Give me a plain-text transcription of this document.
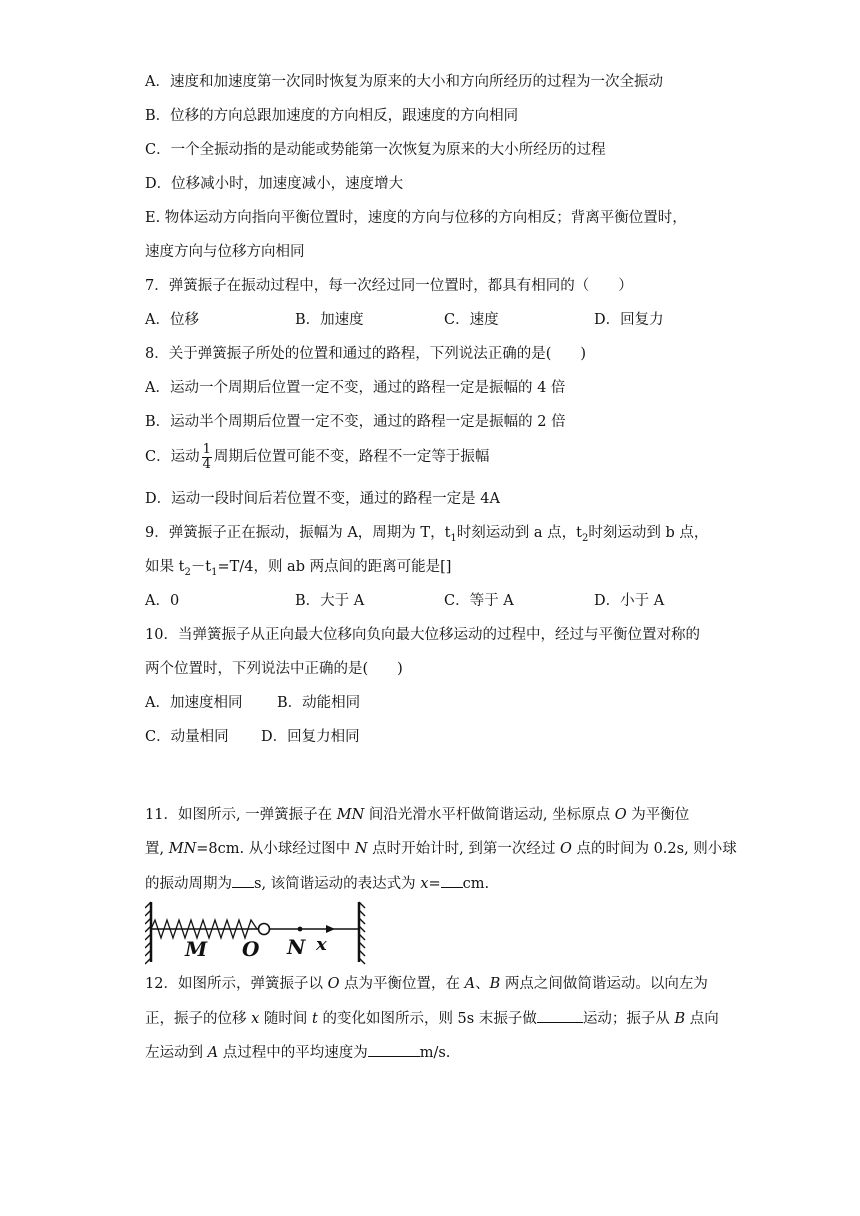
A．速度和加速度第一次同时恢复为原来的大小和方向所经历的过程为一次全振动
B．位移的方向总跟加速度的方向相反，跟速度的方向相同
C．一个全振动指的是动能或势能第一次恢复为原来的大小所经历的过程
D．位移减小时，加速度减小，速度增大
E. 物体运动方向指向平衡位置时，速度的方向与位移的方向相反；背离平衡位置时，
速度方向与位移方向相同
7．弹簧振子在振动过程中，每一次经过同一位置时，都具有相同的（　　）
A．位移	B．加速度	C．速度	D．回复力
8．关于弹簧振子所处的位置和通过的路程，下列说法正确的是(　　)
A．运动一个周期后位置一定不变，通过的路程一定是振幅的 4 倍
B．运动半个周期后位置一定不变，通过的路程一定是振幅的 2 倍
C．运动 $\frac{1}{4}$ 周期后位置可能不变，路程不一定等于振幅
D．运动一段时间后若位置不变，通过的路程一定是 4A
9．弹簧振子正在振动，振幅为 A，周期为 T，$t_1$时刻运动到 a 点，$t_2$时刻运动到 b 点，
如果 $t_2-t_1=T/4$，则 ab 两点间的距离可能是[]
A．0	B．大于 A	C．等于 A	D．小于 A
10．当弹簧振子从正向最大位移向负向最大位移运动的过程中，经过与平衡位置对称的
两个位置时，下列说法中正确的是(　　)
A．加速度相同 B．动能相同
C．动量相同 D．回复力相同
11．如图所示, 一弹簧振子在 MN 间沿光滑水平杆做简谐运动, 坐标原点 O 为平衡位
置, MN=8cm. 从小球经过图中 N 点时开始计时, 到第一次经过 O 点的时间为 0.2s, 则小球
的振动周期为 s, 该简谐运动的表达式为 x= cm.
M O N x
12．如图所示，弹簧振子以 O 点为平衡位置，在 A、B 两点之间做简谐运动。以向左为
正，振子的位移 x 随时间 t 的变化如图所示，则 5s 末振子做	运动；振子从 B 点向
左运动到 A 点过程中的平均速度为	m/s.
